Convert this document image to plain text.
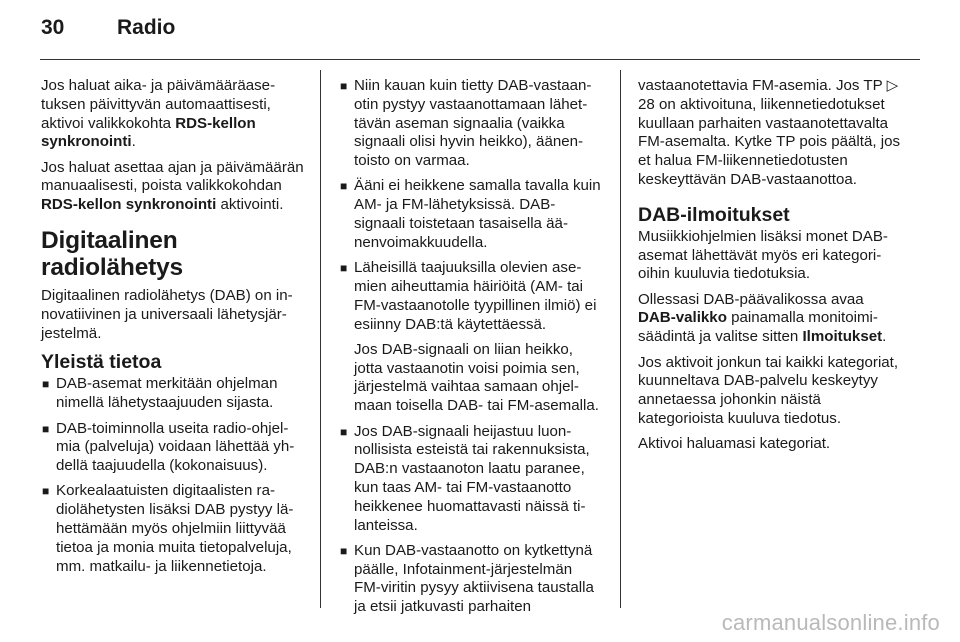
30	Radio

Jos haluat aika- ja päivämääräasetuksen päivittyvän automaattisesti, aktivoi valikkokohta RDS-kellon synkronointi.

Jos haluat asettaa ajan ja päivämäärän manuaalisesti, poista valikkokohdan RDS-kellon synkronointi aktivointi.

Digitaalinen radiolähetys

Digitaalinen radiolähetys (DAB) on innovatiivinen ja universaali lähetysjärjestelmä.

Yleistä tietoa
■ DAB-asemat merkitään ohjelman nimellä lähetystaajuuden sijasta.
■ DAB-toiminnolla useita radio-ohjelmia (palveluja) voidaan lähettää yhdellä taajuudella (kokonaisuus).
■ Korkealaatuisten digitaalisten radiolähetysten lisäksi DAB pystyy lähettämään myös ohjelmiin liittyvää tietoa ja monia muita tietopalveluja, mm. matkailu- ja liikennetietoja.
■ Niin kauan kuin tietty DAB-vastaanotin pystyy vastaanottamaan lähettävän aseman signaalia (vaikka signaali olisi hyvin heikko), äänentoisto on varmaa.
■ Ääni ei heikkene samalla tavalla kuin AM- ja FM-lähetyksissä. DAB-signaali toistetaan tasaisella äänenvoimakkuudella.
■ Läheisillä taajuuksilla olevien asemien aiheuttamia häiriöitä (AM- tai FM-vastaanotolle tyypillinen ilmiö) ei esiinny DAB:tä käytettäessä.

Jos DAB-signaali on liian heikko, jotta vastaanotin voisi poimia sen, järjestelmä vaihtaa samaan ohjelmaan toisella DAB- tai FM-asemalla.

■ Jos DAB-signaali heijastuu luonnollisista esteistä tai rakennuksista, DAB:n vastaanoton laatu paranee, kun taas AM- tai FM-vastaanotto heikkenee huomattavasti näissä tilanteissa.
■ Kun DAB-vastaanotto on kytkettynä päälle, Infotainment-järjestelmän FM-viritin pysyy aktiivisena taustalla ja etsii jatkuvasti parhaiten

vastaanotettavia FM-asemia. Jos TP ▷ 28 on aktivoituna, liikennetiedotukset kuullaan parhaiten vastaanotettavalta FM-asemalta. Kytke TP pois päältä, jos et halua FM-liikennetiedotusten keskeyttävän DAB-vastaanottoa.

DAB-ilmoitukset

Musiikkiohjelmien lisäksi monet DAB-asemat lähettävät myös eri kategorioihin kuuluvia tiedotuksia.

Ollessasi DAB-päävalikossa avaa DAB-valikko painamalla monitoimisäädintä ja valitse sitten Ilmoitukset.

Jos aktivoit jonkun tai kaikki kategoriat, kuunneltava DAB-palvelu keskeytyy annetaessa johonkin näistä kategorioista kuuluva tiedotus.

Aktivoi haluamasi kategoriat.

carmanualsonline.info
